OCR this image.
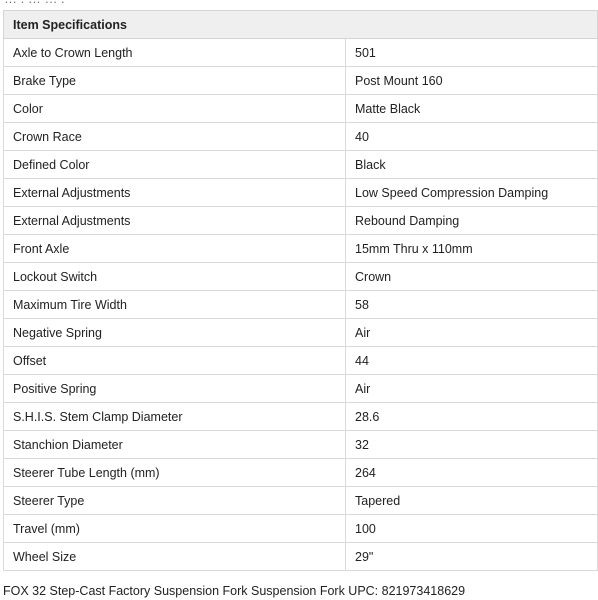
Item Specifications	
Axle to Crown Length	501
Brake Type	Post Mount 160
Color	Matte Black
Crown Race	40
Defined Color	Black
External Adjustments	Low Speed Compression Damping
External Adjustments	Rebound Damping
Front Axle	15mm Thru x 110mm
Lockout Switch	Crown
Maximum Tire Width	58
Negative Spring	Air
Offset	44
Positive Spring	Air
S.H.I.S. Stem Clamp Diameter	28.6
Stanchion Diameter	32
Steerer Tube Length (mm)	264
Steerer Type	Tapered
Travel (mm)	100
Wheel Size	29"
FOX 32 Step-Cast Factory Suspension Fork Suspension Fork UPC: 821973418629
